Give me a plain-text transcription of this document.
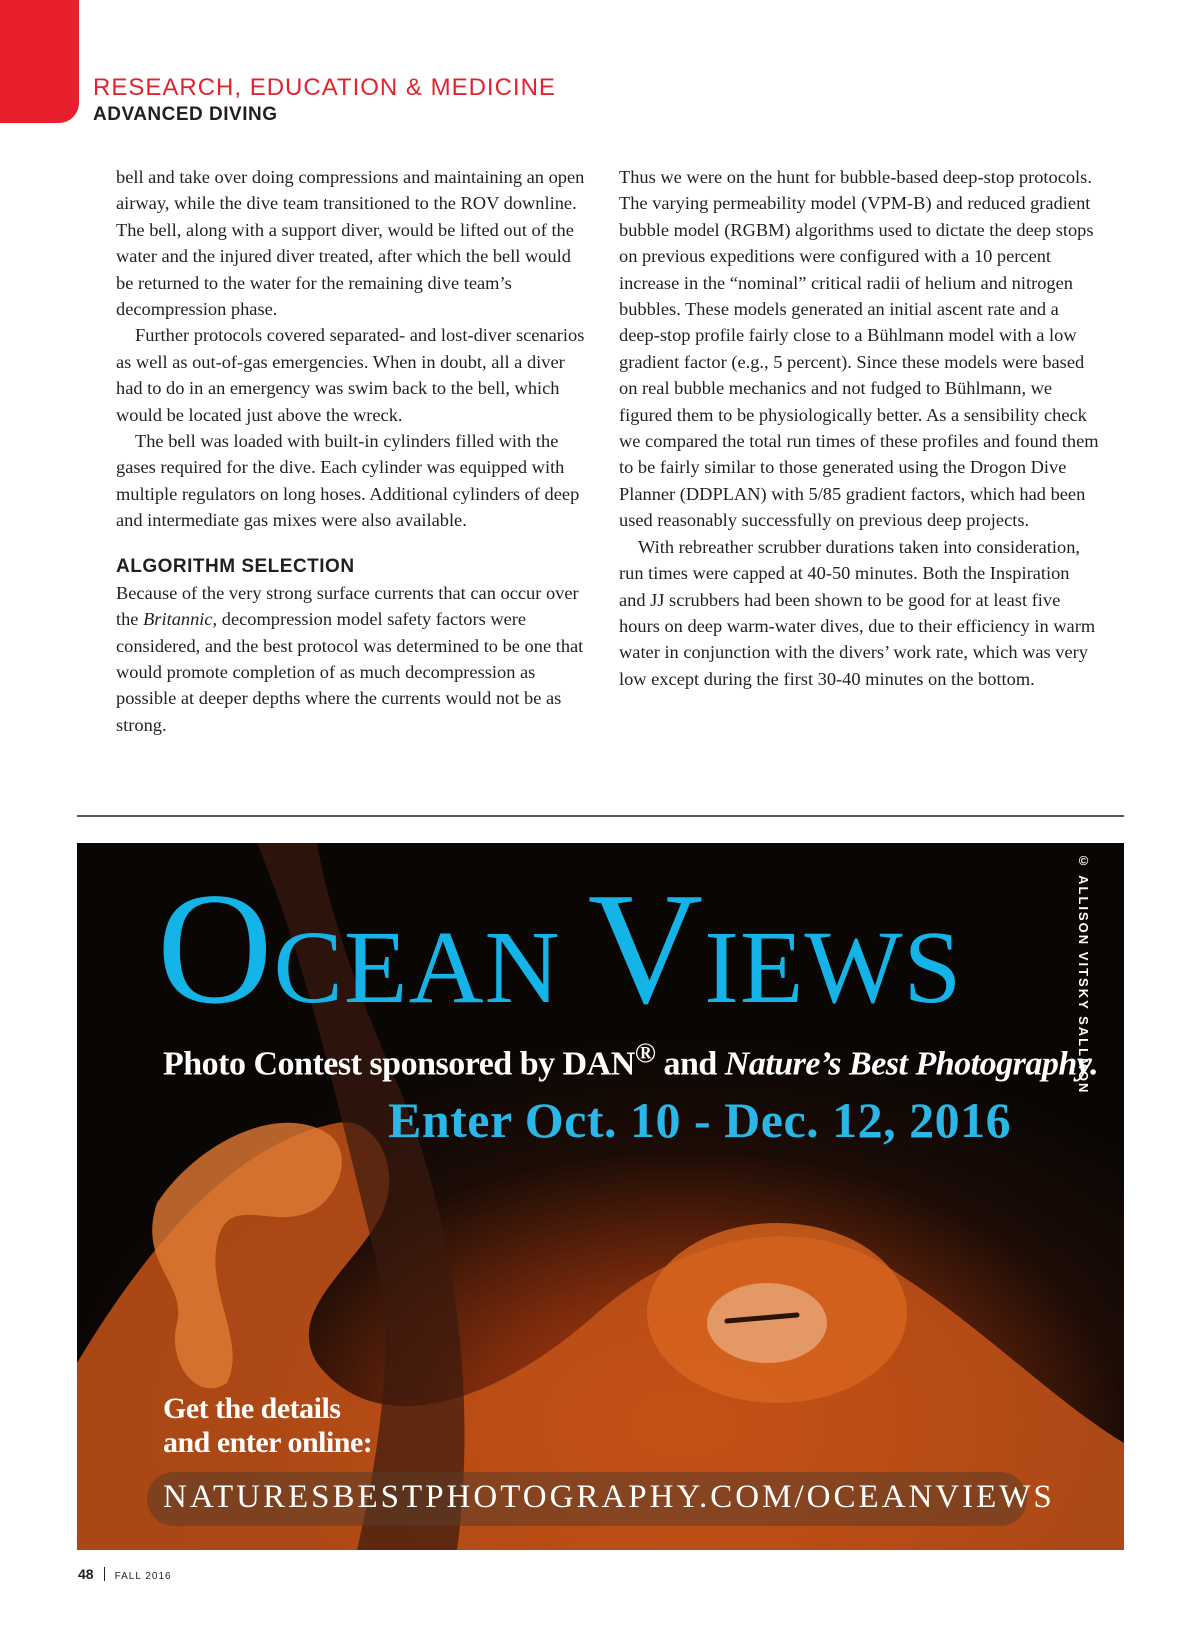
RESEARCH, EDUCATION & MEDICINE
ADVANCED DIVING

bell and take over doing compressions and maintaining an open airway, while the dive team transitioned to the ROV downline. The bell, along with a support diver, would be lifted out of the water and the injured diver treated, after which the bell would be returned to the water for the remaining dive team’s decompression phase.

Further protocols covered separated- and lost-diver scenarios as well as out-of-gas emergencies. When in doubt, all a diver had to do in an emergency was swim back to the bell, which would be located just above the wreck.

The bell was loaded with built-in cylinders filled with the gases required for the dive. Each cylinder was equipped with multiple regulators on long hoses. Additional cylinders of deep and intermediate gas mixes were also available.

ALGORITHM SELECTION

Because of the very strong surface currents that can occur over the Britannic, decompression model safety factors were considered, and the best protocol was determined to be one that would promote completion of as much decompression as possible at deeper depths where the currents would not be as strong.

Thus we were on the hunt for bubble-based deep-stop protocols. The varying permeability model (VPM-B) and reduced gradient bubble model (RGBM) algorithms used to dictate the deep stops on previous expeditions were configured with a 10 percent increase in the “nominal” critical radii of helium and nitrogen bubbles. These models generated an initial ascent rate and a deep-stop profile fairly close to a Bühlmann model with a low gradient factor (e.g., 5 percent). Since these models were based on real bubble mechanics and not fudged to Bühlmann, we figured them to be physiologically better. As a sensibility check we compared the total run times of these profiles and found them to be fairly similar to those generated using the Drogon Dive Planner (DDPLAN) with 5/85 gradient factors, which had been used reasonably successfully on previous deep projects.

With rebreather scrubber durations taken into consideration, run times were capped at 40-50 minutes. Both the Inspiration and JJ scrubbers had been shown to be good for at least five hours on deep warm-water dives, due to their efficiency in warm water in conjunction with the divers’ work rate, which was very low except during the first 30-40 minutes on the bottom.

OCEAN VIEWS

Photo Contest sponsored by DAN® and Nature’s Best Photography.

Enter Oct. 10 - Dec. 12, 2016

Get the details
and enter online:

NATURESBESTPHOTOGRAPHY.COM/OCEANVIEWS

© ALLISON VITSKY SALLMON
48 FALL 2016
